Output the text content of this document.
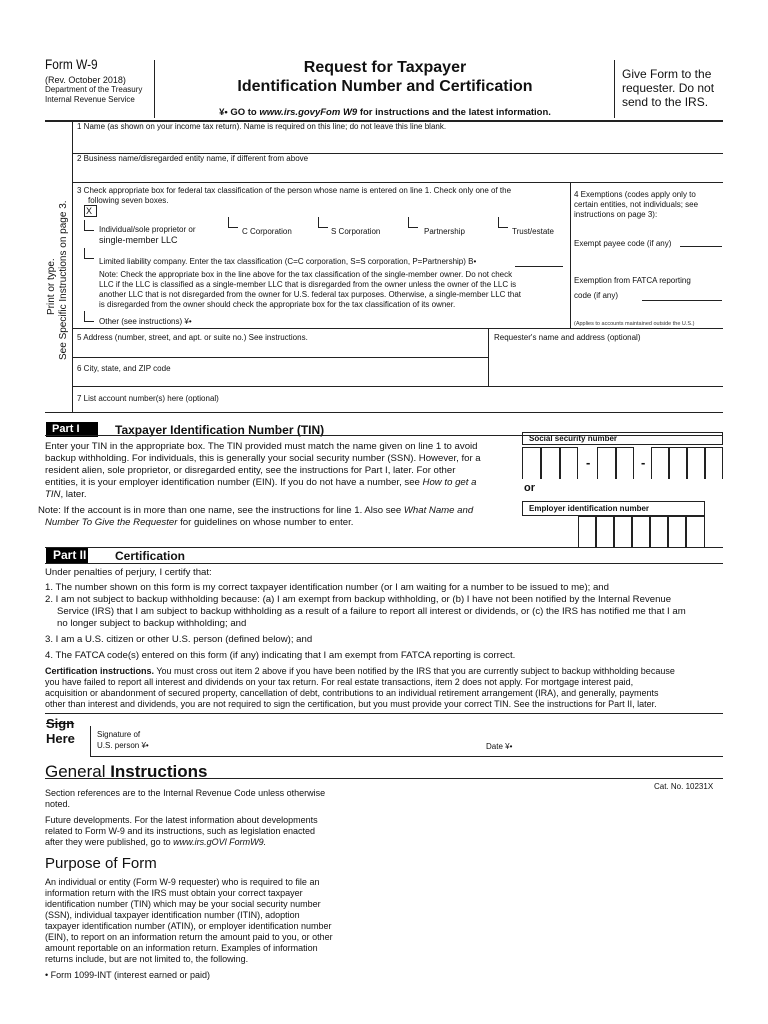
Form W-9
(Rev. October 2018)
Department of the Treasury
Internal Revenue Service
Request for Taxpayer
Identification Number and Certification
¥• GO to www.irs.govyFom W9 for instructions and the latest information.
Give Form to the requester. Do not send to the IRS.
Print or type. See Specific Instructions on page 3.
1 Name (as shown on your income tax return). Name is required on this line; do not leave this line blank.
2 Business name/disregarded entity name, if different from above
3 Check appropriate box for federal tax classification of the person whose name is entered on line 1. Check only one of the
following seven boxes.
X
Individual/sole proprietor or
single-member LLC
C Corporation	S Corporation	Partnership	Trust/estate
Limited liability company. Enter the tax classification (C=C corporation, S=S corporation, P=Partnership) B•
Note: Check the appropriate box in the line above for the tax classification of the single-member owner. Do not check
LLC if the LLC is classified as a single-member LLC that is disregarded from the owner unless the owner of the LLC is
another LLC that is not disregarded from the owner for U.S. federal tax purposes. Otherwise, a single-member LLC that
is disregarded from the owner should check the appropriate box for the tax classification of its owner.
Other (see instructions) ¥•
4 Exemptions (codes apply only to
certain entities, not individuals; see
instructions on page 3):
Exempt payee code (if any)
Exemption from FATCA reporting
code (if any)
(Applies to accounts maintained outside the U.S.)
5 Address (number, street, and apt. or suite no.) See instructions.	Requester's name and address (optional)
6 City, state, and ZIP code
7 List account number(s) here (optional)
Part I	Taxpayer Identification Number (TIN)
Enter your TIN in the appropriate box. The TIN provided must match the name given on line 1 to avoid
backup withholding. For individuals, this is generally your social security number (SSN). However, for a
resident alien, sole proprietor, or disregarded entity, see the instructions for Part I, later. For other
entities, it is your employer identification number (EIN). If you do not have a number, see How to get a
TIN, later.
Note: If the account is in more than one name, see the instructions for line 1. Also see What Name and
Number To Give the Requester for guidelines on whose number to enter.
Social security number
-	-
or
Employer identification number
Part II Certification
Under penalties of perjury, I certify that:
1. The number shown on this form is my correct taxpayer identification number (or I am waiting for a number to be issued to me); and
2. I am not subject to backup withholding because: (a) I am exempt from backup withholding, or (b) I have not been notified by the Internal Revenue
Service (IRS) that I am subject to backup withholding as a result of a failure to report all interest or dividends, or (c) the IRS has notified me that I am
no longer subject to backup withholding; and
3. I am a U.S. citizen or other U.S. person (defined below); and
4. The FATCA code(s) entered on this form (if any) indicating that I am exempt from FATCA reporting is correct.
Certification instructions. You must cross out item 2 above if you have been notified by the IRS that you are currently subject to backup withholding because
you have failed to report all interest and dividends on your tax return. For real estate transactions, item 2 does not apply. For mortgage interest paid,
acquisition or abandonment of secured property, cancellation of debt, contributions to an individual retirement arrangement (IRA), and generally, payments
other than interest and dividends, you are not required to sign the certification, but you must provide your correct TIN. See the instructions for Part II, later.
Sign
Here	Signature of
U.S. person ¥•	Date ¥•
General Instructions
Cat. No. 10231X
Section references are to the Internal Revenue Code unless otherwise
noted.
Future developments. For the latest information about developments
related to Form W-9 and its instructions, such as legislation enacted
after they were published, go to www.irs.gOVl FormW9.
Purpose of Form
An individual or entity (Form W-9 requester) who is required to file an
information return with the IRS must obtain your correct taxpayer
identification number (TIN) which may be your social security number
(SSN), individual taxpayer identification number (ITIN), adoption
taxpayer identification number (ATIN), or employer identification number
(EIN), to report on an information return the amount paid to you, or other
amount reportable on an information return. Examples of information
returns include, but are not limited to, the following.
• Form 1099-INT (interest earned or paid)
